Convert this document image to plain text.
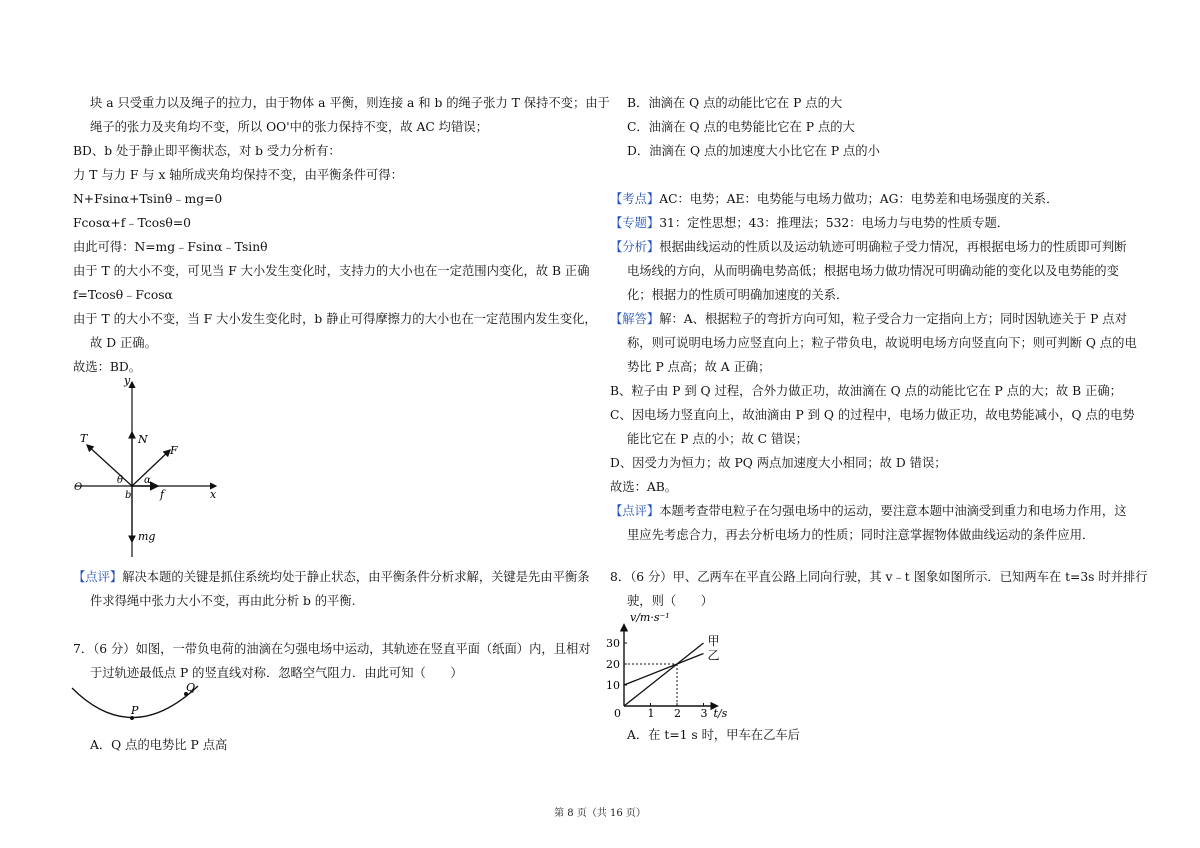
块 a 只受重力以及绳子的拉力，由于物体 a 平衡，则连接 a 和 b 的绳子张力 T 保持不变；由于
绳子的张力及夹角均不变，所以 OO'中的张力保持不变，故 AC 均错误；
BD、b 处于静止即平衡状态，对 b 受力分析有：
力 T 与力 F 与 x 轴所成夹角均保持不变，由平衡条件可得：
N+Fsinα+Tsinθ﹣mg=0
Fcosα+f﹣Tcosθ=0
由此可得：N=mg﹣Fsinα﹣Tsinθ
由于 T 的大小不变，可见当 F 大小发生变化时，支持力的大小也在一定范围内变化，故 B 正确
f=Tcosθ﹣Fcosα
由于 T 的大小不变，当 F 大小发生变化时，b 静止可得摩擦力的大小也在一定范围内发生变化，
故 D 正确。
故选：BD。
y
T	N
F
θ α
O
b	f	x
mg
【点评】解决本题的关键是抓住系统均处于静止状态，由平衡条件分析求解，关键是先由平衡条
件求得绳中张力大小不变，再由此分析 b 的平衡.
7．（6 分）如图，一带负电荷的油滴在匀强电场中运动，其轨迹在竖直平面（纸面）内，且相对
于过轨迹最低点 P 的竖直线对称．忽略空气阻力．由此可知（　　）
Q
P
A．Q 点的电势比 P 点高
B．油滴在 Q 点的动能比它在 P 点的大
C．油滴在 Q 点的电势能比它在 P 点的大
D．油滴在 Q 点的加速度大小比它在 P 点的小
【考点】AC：电势；AE：电势能与电场力做功；AG：电势差和电场强度的关系．
【专题】31：定性思想；43：推理法；532：电场力与电势的性质专题．
【分析】根据曲线运动的性质以及运动轨迹可明确粒子受力情况，再根据电场力的性质即可判断
电场线的方向，从而明确电势高低；根据电场力做功情况可明确动能的变化以及电势能的变
化；根据力的性质可明确加速度的关系．
【解答】解：A、根据粒子的弯折方向可知，粒子受合力一定指向上方；同时因轨迹关于 P 点对
称，则可说明电场力应竖直向上；粒子带负电，故说明电场方向竖直向下；则可判断 Q 点的电
势比 P 点高；故 A 正确；
B、粒子由 P 到 Q 过程，合外力做正功，故油滴在 Q 点的动能比它在 P 点的大；故 B 正确；
C、因电场力竖直向上，故油滴由 P 到 Q 的过程中，电场力做正功，故电势能减小，Q 点的电势
能比它在 P 点的小；故 C 错误；
D、因受力为恒力；故 PQ 两点加速度大小相同；故 D 错误；
故选：AB。
【点评】本题考查带电粒子在匀强电场中的运动，要注意本题中油滴受到重力和电场力作用，这
里应先考虑合力，再去分析电场力的性质；同时注意掌握物体做曲线运动的条件应用．
8．（6 分）甲、乙两车在平直公路上同向行驶，其 v﹣t 图象如图所示．已知两车在 t=3s 时并排行
驶，则（　　）
甲
乙
0 1 2 3
10
20
30
v/m·s⁻¹
t/s
A．在 t=1 s 时，甲车在乙车后
第 8 页（共 16 页）
